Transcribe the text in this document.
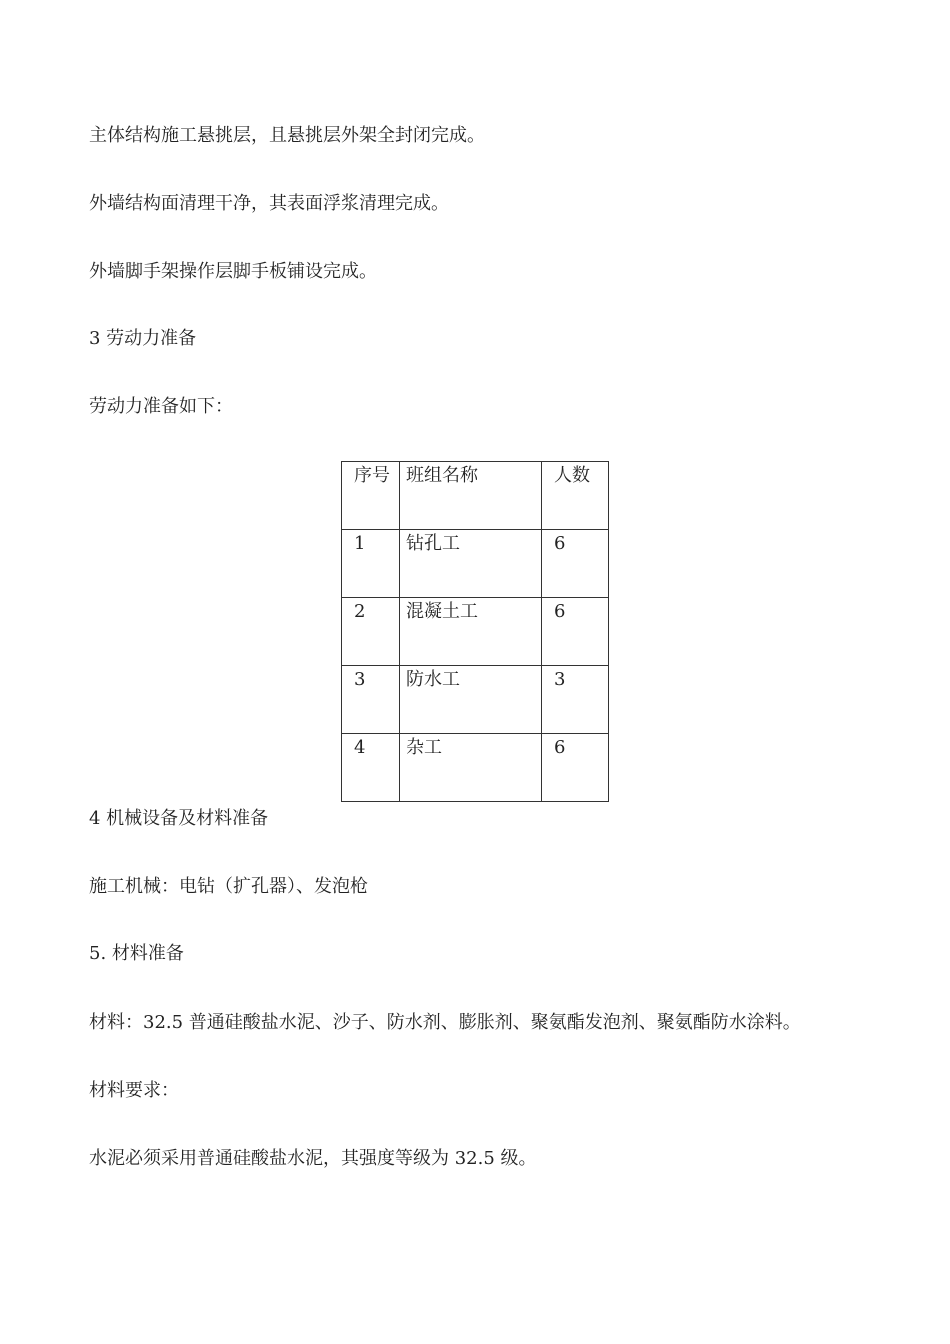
主体结构施工悬挑层，且悬挑层外架全封闭完成。

外墙结构面清理干净，其表面浮浆清理完成。

外墙脚手架操作层脚手板铺设完成。

3 劳动力准备

劳动力准备如下：

序号	班组名称	人数
1	钻孔工	6
2	混凝土工	6
3	防水工	3
4	杂工	6

4 机械设备及材料准备

施工机械：电钻（扩孔器）、发泡枪

5. 材料准备

材料：32.5 普通硅酸盐水泥、沙子、防水剂、膨胀剂、聚氨酯发泡剂、聚氨酯防水涂料。

材料要求：

水泥必须采用普通硅酸盐水泥，其强度等级为 32.5 级。
